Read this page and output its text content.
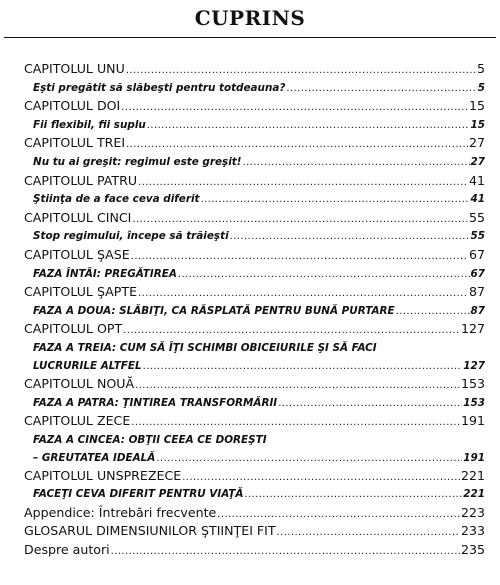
CUPRINS
CAPITOLUL UNU .....	5
Eşti pregătit să slăbeşti pentru totdeauna? .....	5
CAPITOLUL DOI .....	15
Fii flexibil, fii suplu .....	15
CAPITOLUL TREI .....	27
Nu tu ai greşit: regimul este greşit! .....	27
CAPITOLUL PATRU .....	41
Ştiinţa de a face ceva diferit .....	41
CAPITOLUL CINCI .....	55
Stop regimului, începe să trăieşti .....	55
CAPITOLUL ŞASE .....	67
FAZA ÎNTÂI: PREGĂTIREA .....	67
CAPITOLUL ŞAPTE .....	87
FAZA A DOUA: SLĂBIŢI, CA RĂSPLATĂ PENTRU BUNĂ PURTARE .....	87
CAPITOLUL OPT .....	127
FAZA A TREIA: CUM SĂ ÎŢI SCHIMBI OBICEIURILE ŞI SĂ FACI
LUCRURILE ALTFEL .....	127
CAPITOLUL NOUĂ .....	153
FAZA A PATRA: ŢINTIREA TRANSFORMĂRII .....	153
CAPITOLUL ZECE .....	191
FAZA A CINCEA: OBŢII CEEA CE DOREŞTI
– GREUTATEA IDEALĂ .....	191
CAPITOLUL UNSPREZECE .....	221
FACEŢI CEVA DIFERIT PENTRU VIAŢĂ .....	221
Appendice: Întrebări frecvente .....	223
GLOSARUL DIMENSIUNILOR ŞTIINŢEI FIT .....	233
Despre autori .....	235
